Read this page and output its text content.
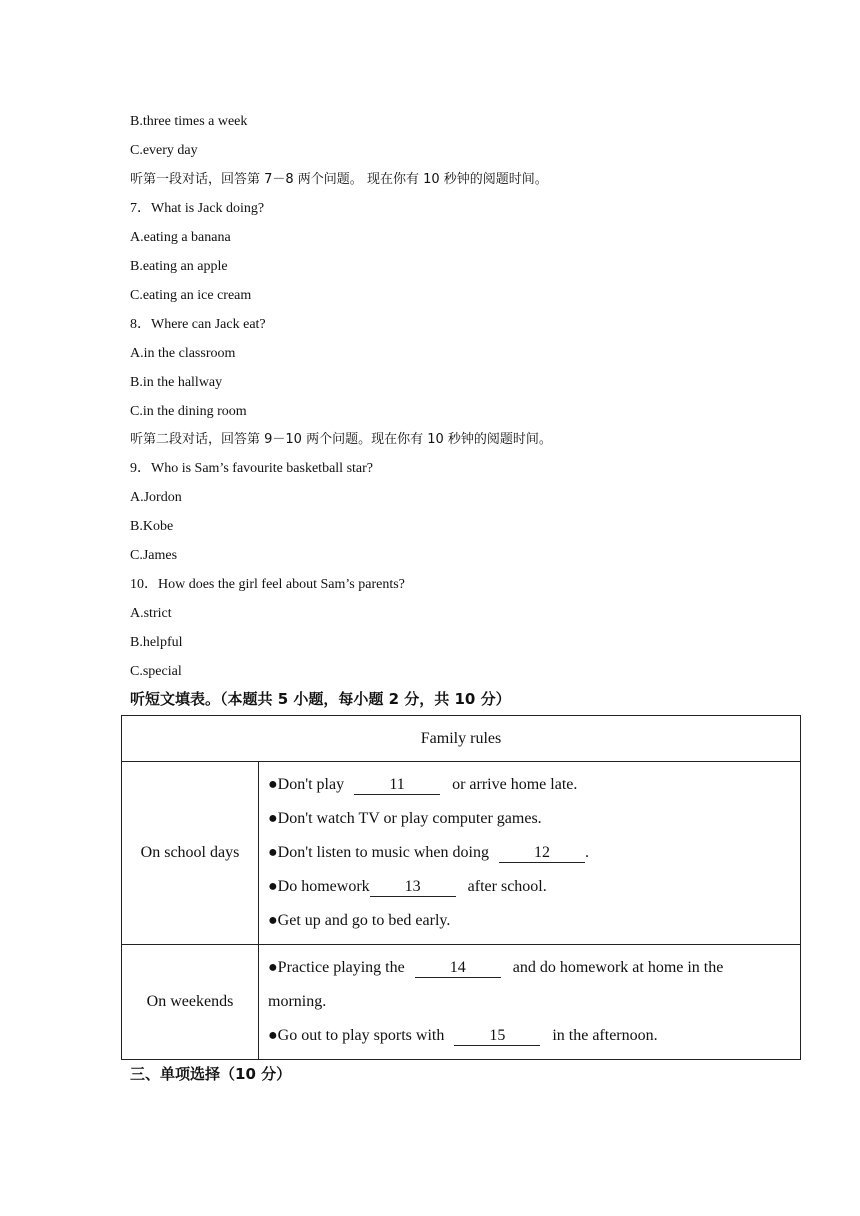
B.three times a week
C.every day
听第一段对话，回答第 7－8 两个问题。 现在你有 10 秒钟的阅题时间。
7．What is Jack doing?
A.eating a banana
B.eating an apple
C.eating an ice cream
8．Where can Jack eat?
A.in the classroom
B.in the hallway
C.in the dining room
听第二段对话，回答第 9－10 两个问题。现在你有 10 秒钟的阅题时间。
9．Who is Sam’s favourite basketball star?
A.Jordon
B.Kobe
C.James
10．How does the girl feel about Sam’s parents?
A.strict
B.helpful
C.special
听短文填表。（本题共 5 小题，每小题 2 分，共 10 分）
Family rules	
On school days	●Don't play 11 or arrive home late.
●Don't watch TV or play computer games.
●Don't listen to music when doing 12 .
●Do homework 13 after school.
●Get up and go to bed early.

On weekends	●Practice playing the 14 and do homework at home in the
morning.
●Go out to play sports with 15 in the afternoon.
三、单项选择（10 分）
